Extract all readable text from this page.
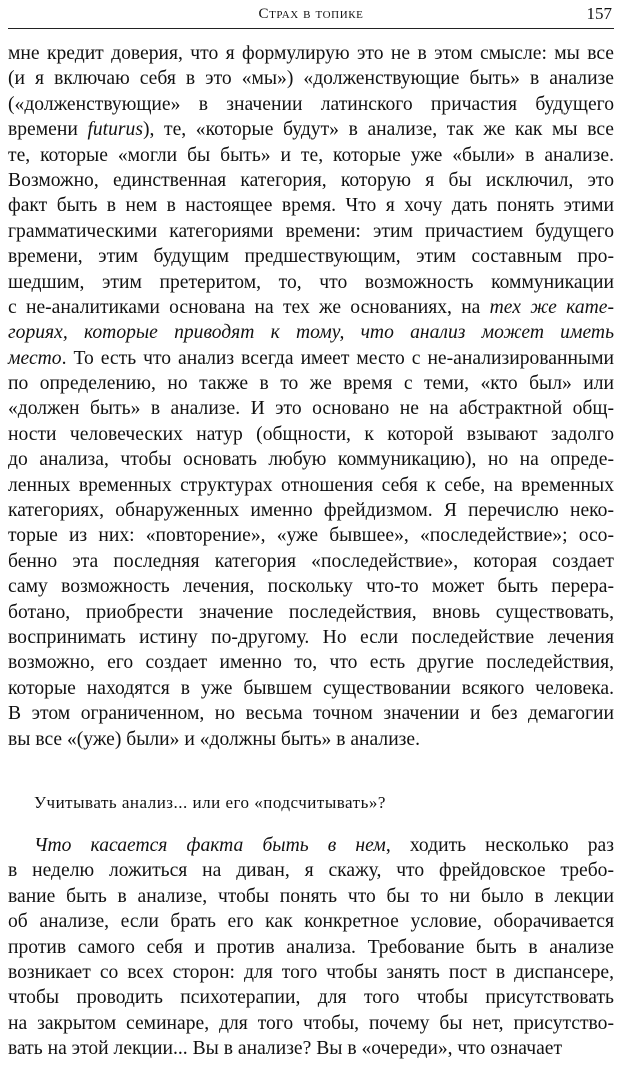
Страх в топике	157
мне кредит доверия, что я формулирую это не в этом смысле: мы все
(и я включаю себя в это «мы») «долженствующие быть» в анализе
(«долженствующие» в значении латинского причастия будущего
времени futurus), те, «которые будут» в анализе, так же как мы все
те, которые «могли бы быть» и те, которые уже «были» в анализе.
Возможно, единственная категория, которую я бы исключил, это
факт быть в нем в настоящее время. Что я хочу дать понять этими
грамматическими категориями времени: этим причастием будущего
времени, этим будущим предшествующим, этим составным про-
шедшим, этим претеритом, то, что возможность коммуникации
с не-аналитиками основана на тех же основаниях, на тех же кате-
гориях, которые приводят к тому, что анализ может иметь
место. То есть что анализ всегда имеет место с не-анализированными
по определению, но также в то же время с теми, «кто был» или
«должен быть» в анализе. И это основано не на абстрактной общ-
ности человеческих натур (общности, к которой взывают задолго
до анализа, чтобы основать любую коммуникацию), но на опреде-
ленных временных структурах отношения себя к себе, на временных
категориях, обнаруженных именно фрейдизмом. Я перечислю неко-
торые из них: «повторение», «уже бывшее», «последействие»; осо-
бенно эта последняя категория «последействие», которая создает
саму возможность лечения, поскольку что-то может быть перера-
ботано, приобрести значение последействия, вновь существовать,
воспринимать истину по-другому. Но если последействие лечения
возможно, его создает именно то, что есть другие последействия,
которые находятся в уже бывшем существовании всякого человека.
В этом ограниченном, но весьма точном значении и без демагогии
вы все «(уже) были» и «должны быть» в анализе.
Учитывать анализ... или его «подсчитывать»?
Что касается факта быть в нем, ходить несколько раз
в неделю ложиться на диван, я скажу, что фрейдовское требо-
вание быть в анализе, чтобы понять что бы то ни было в лекции
об анализе, если брать его как конкретное условие, оборачивается
против самого себя и против анализа. Требование быть в анализе
возникает со всех сторон: для того чтобы занять пост в диспансере,
чтобы проводить психотерапии, для того чтобы присутствовать
на закрытом семинаре, для того чтобы, почему бы нет, присутство-
вать на этой лекции... Вы в анализе? Вы в «очереди», что означает
